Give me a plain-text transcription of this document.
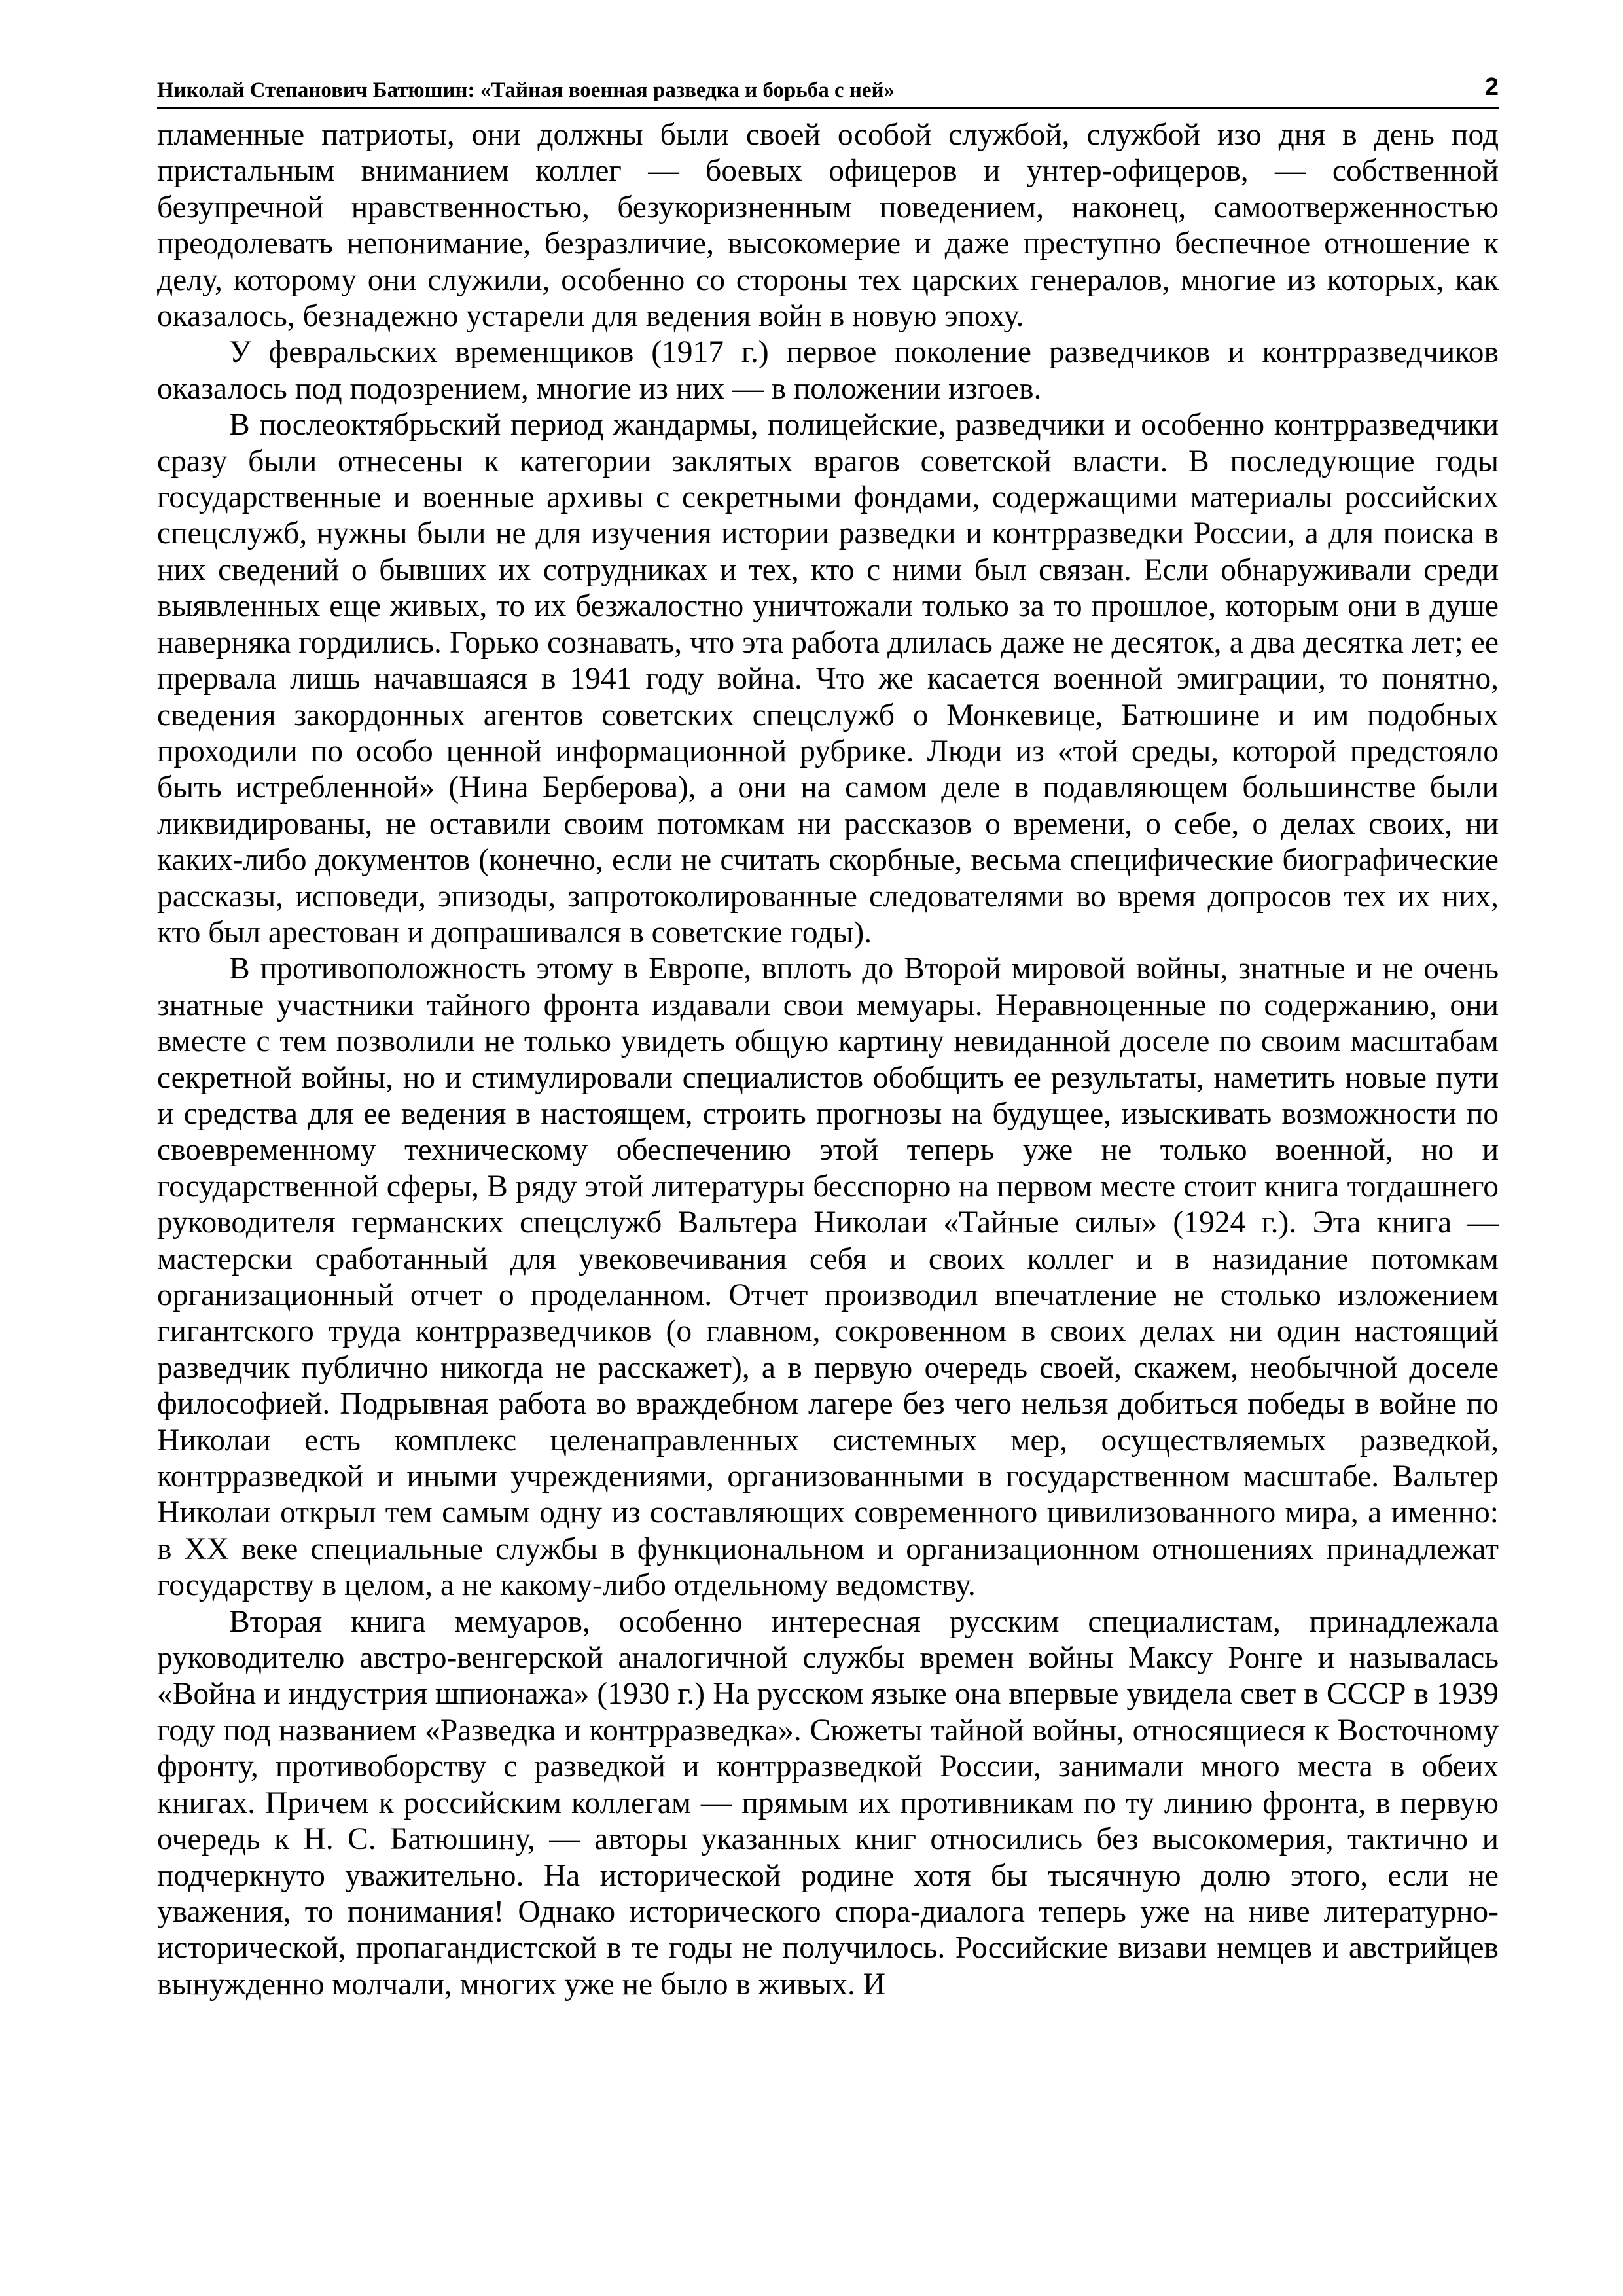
Николай Степанович Батюшин: «Тайная военная разведка и борьба с ней»	2

пламенные патриоты, они должны были своей особой службой, службой изо дня в день под пристальным вниманием коллег — боевых офицеров и унтер-офицеров, — собственной безупречной нравственностью, безукоризненным поведением, наконец, самоотверженностью преодолевать непонимание, безразличие, высокомерие и даже преступно беспечное отношение к делу, которому они служили, особенно со стороны тех царских генералов, многие из которых, как оказалось, безнадежно устарели для ведения войн в новую эпоху.

У февральских временщиков (1917 г.) первое поколение разведчиков и контрразведчиков оказалось под подозрением, многие из них — в положении изгоев.

В послеоктябрьский период жандармы, полицейские, разведчики и особенно контрразведчики сразу были отнесены к категории заклятых врагов советской власти. В последующие годы государственные и военные архивы с секретными фондами, содержащими материалы российских спецслужб, нужны были не для изучения истории разведки и контрразведки России, а для поиска в них сведений о бывших их сотрудниках и тех, кто с ними был связан. Если обнаруживали среди выявленных еще живых, то их безжалостно уничтожали только за то прошлое, которым они в душе наверняка гордились. Горько сознавать, что эта работа длилась даже не десяток, а два десятка лет; ее прервала лишь начавшаяся в 1941 году война. Что же касается военной эмиграции, то понятно, сведения закордонных агентов советских спецслужб о Монкевице, Батюшине и им подобных проходили по особо ценной информационной рубрике. Люди из «той среды, которой предстояло быть истребленной» (Нина Берберова), а они на самом деле в подавляющем большинстве были ликвидированы, не оставили своим потомкам ни рассказов о времени, о себе, о делах своих, ни каких-либо документов (конечно, если не считать скорбные, весьма специфические биографические рассказы, исповеди, эпизоды, запротоколированные следователями во время допросов тех их них, кто был арестован и допрашивался в советские годы).

В противоположность этому в Европе, вплоть до Второй мировой войны, знатные и не очень знатные участники тайного фронта издавали свои мемуары. Неравноценные по содержанию, они вместе с тем позволили не только увидеть общую картину невиданной доселе по своим масштабам секретной войны, но и стимулировали специалистов обобщить ее результаты, наметить новые пути и средства для ее ведения в настоящем, строить прогнозы на будущее, изыскивать возможности по своевременному техническому обеспечению этой теперь уже не только военной, но и государственной сферы, В ряду этой литературы бесспорно на первом месте стоит книга тогдашнего руководителя германских спецслужб Вальтера Николаи «Тайные силы» (1924 г.). Эта книга — мастерски сработанный для увековечивания себя и своих коллег и в назидание потомкам организационный отчет о проделанном. Отчет производил впечатление не столько изложением гигантского труда контрразведчиков (о главном, сокровенном в своих делах ни один настоящий разведчик публично никогда не расскажет), а в первую очередь своей, скажем, необычной доселе философией. Подрывная работа во враждебном лагере без чего нельзя добиться победы в войне по Николаи есть комплекс целенаправленных системных мер, осуществляемых разведкой, контрразведкой и иными учреждениями, организованными в государственном масштабе. Вальтер Николаи открыл тем самым одну из составляющих современного цивилизованного мира, а именно: в XX веке специальные службы в функциональном и организационном отношениях принадлежат государству в целом, а не какому-либо отдельному ведомству.

Вторая книга мемуаров, особенно интересная русским специалистам, принадлежала руководителю австро-венгерской аналогичной службы времен войны Максу Ронге и называлась «Война и индустрия шпионажа» (1930 г.) На русском языке она впервые увидела свет в СССР в 1939 году под названием «Разведка и контрразведка». Сюжеты тайной войны, относящиеся к Восточному фронту, противоборству с разведкой и контрразведкой России, занимали много места в обеих книгах. Причем к российским коллегам — прямым их противникам по ту линию фронта, в первую очередь к Н. С. Батюшину, — авторы указанных книг относились без высокомерия, тактично и подчеркнуто уважительно. На исторической родине хотя бы тысячную долю этого, если не уважения, то понимания! Однако исторического спора-диалога теперь уже на ниве литературно-исторической, пропагандистской в те годы не получилось. Российские визави немцев и австрийцев вынужденно молчали, многих уже не было в живых. И
